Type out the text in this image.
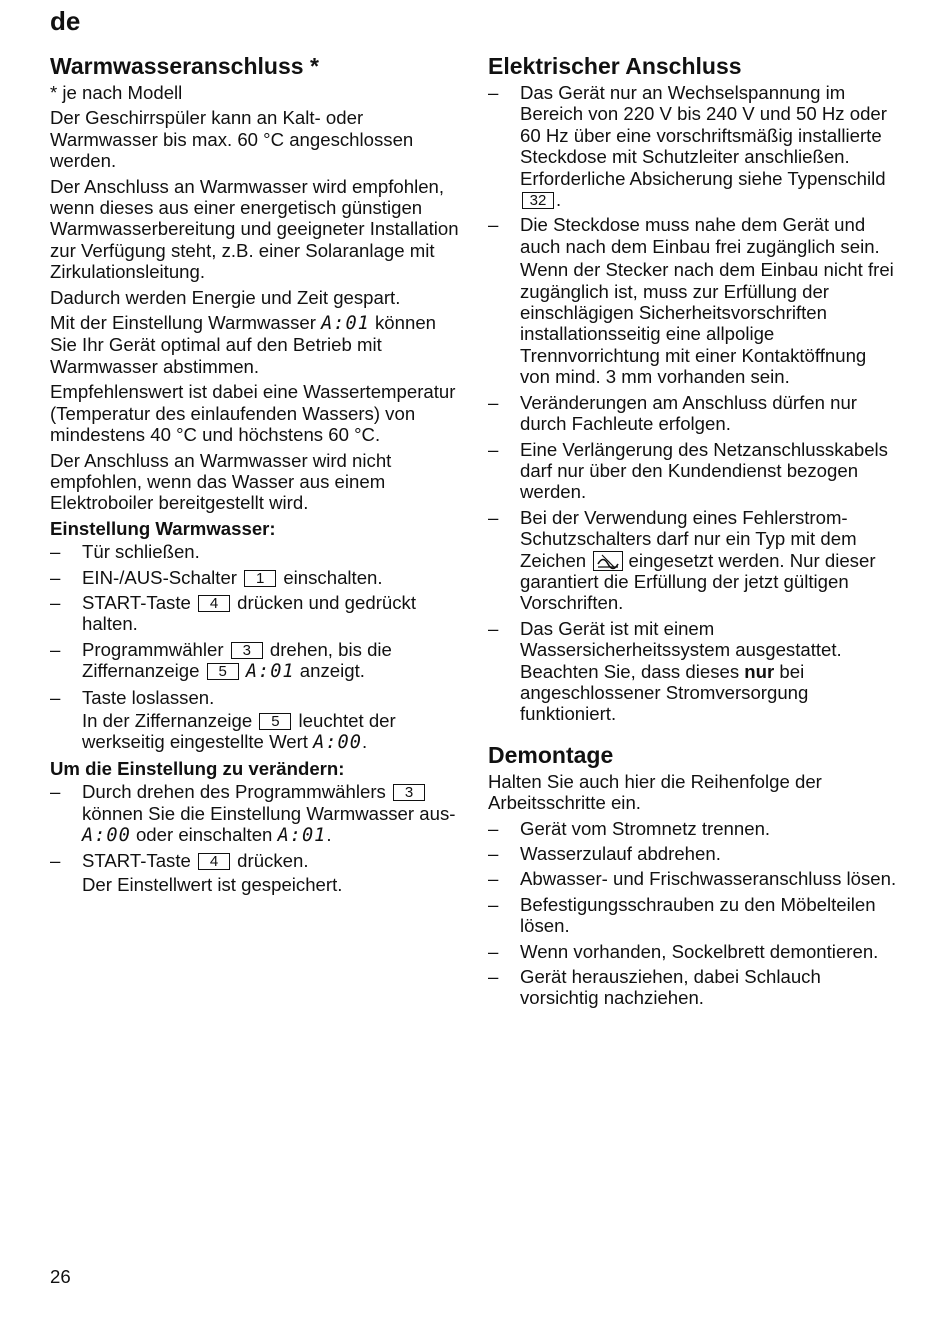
de
Warmwasseranschluss *

* je nach Modell

Der Geschirrspüler kann an Kalt- oder Warmwasser bis max. 60 °C angeschlossen werden.

Der Anschluss an Warmwasser wird empfohlen, wenn dieses aus einer energetisch günstigen Warmwasserbereitung und geeigneter Installation zur Verfügung steht, z.B. einer Solaranlage mit Zirkulationsleitung.

Dadurch werden Energie und Zeit gespart.

Mit der Einstellung Warmwasser A:01 können Sie Ihr Gerät optimal auf den Betrieb mit Warmwasser abstimmen.

Empfehlenswert ist dabei eine Wassertemperatur (Temperatur des einlaufenden Wassers) von mindestens 40 °C und höchstens 60 °C.

Der Anschluss an Warmwasser wird nicht empfohlen, wenn das Wasser aus einem Elektroboiler bereitgestellt wird.

Einstellung Warmwasser:
– Tür schließen.
– EIN-/AUS-Schalter 1 einschalten.
– START-Taste 4 drücken und gedrückt halten.
– Programmwähler 3 drehen, bis die Ziffernanzeige 5 A:01 anzeigt.
– Taste loslassen.
In der Ziffernanzeige 5 leuchtet der werkseitig eingestellte Wert A:00.
Um die Einstellung zu verändern:
– Durch drehen des Programmwählers 3 können Sie die Einstellung Warmwasser aus- A:00 oder einschalten A:01.
– START-Taste 4 drücken.
Der Einstellwert ist gespeichert.
Elektrischer Anschluss
– Das Gerät nur an Wechselspannung im Bereich von 220 V bis 240 V und 50 Hz oder 60 Hz über eine vorschriftsmäßig installierte Steckdose mit Schutzleiter anschließen. Erforderliche Absicherung siehe Typenschild 32 .
– Die Steckdose muss nahe dem Gerät und auch nach dem Einbau frei zugänglich sein.
Wenn der Stecker nach dem Einbau nicht frei zugänglich ist, muss zur Erfüllung der einschlägigen Sicherheitsvorschriften installationsseitig eine allpolige Trennvorrichtung mit einer Kontaktöffnung von mind. 3 mm vorhanden sein.
– Veränderungen am Anschluss dürfen nur durch Fachleute erfolgen.
– Eine Verlängerung des Netzanschlusskabels darf nur über den Kundendienst bezogen werden.
– Bei der Verwendung eines Fehlerstrom-Schutzschalters darf nur ein Typ mit dem Zeichen  eingesetzt werden. Nur dieser garantiert die Erfüllung der jetzt gültigen Vorschriften.
– Das Gerät ist mit einem Wassersicherheitssystem ausgestattet. Beachten Sie, dass dieses nur bei angeschlossener Stromversorgung funktioniert.
Demontage

Halten Sie auch hier die Reihenfolge der Arbeitsschritte ein.

– Gerät vom Stromnetz trennen.
– Wasserzulauf abdrehen.
– Abwasser- und Frischwasseranschluss lösen.
– Befestigungsschrauben zu den Möbelteilen lösen.
– Wenn vorhanden, Sockelbrett demontieren.
– Gerät herausziehen, dabei Schlauch vorsichtig nachziehen.
26
